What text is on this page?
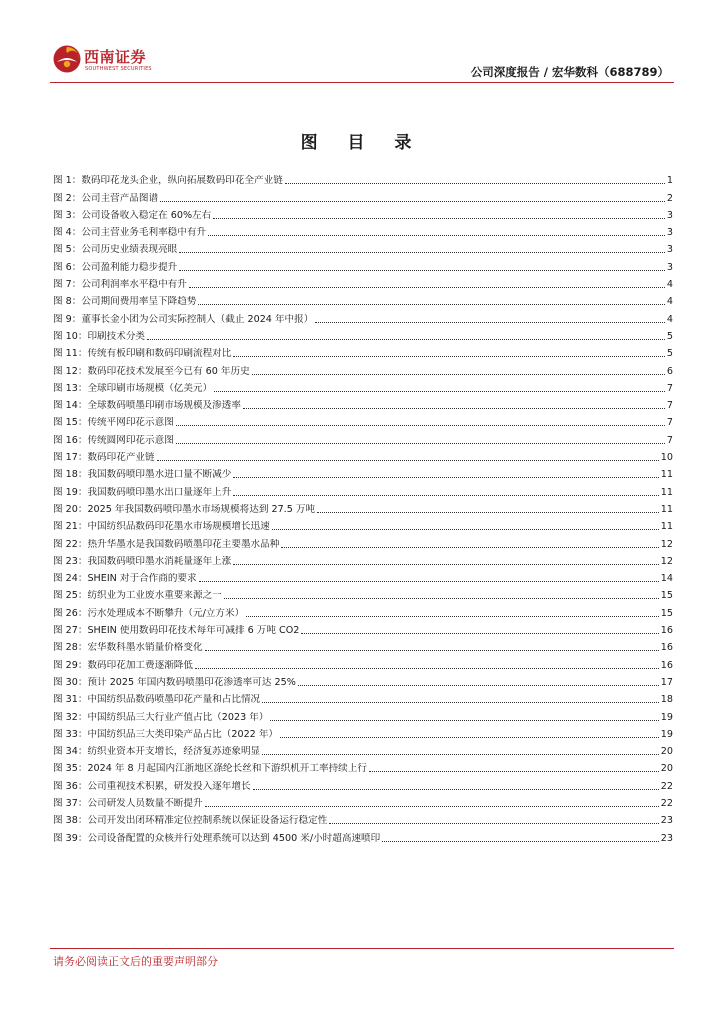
西南证券
SOUTHWEST SECURITIES	公司深度报告 / 宏华数科（688789）
图 目 录
图 1： 数码印花龙头企业，纵向拓展数码印花全产业链	1
图 2： 公司主营产品图谱	2
图 3： 公司设备收入稳定在 60%左右	3
图 4： 公司主营业务毛利率稳中有升	3
图 5： 公司历史业绩表现亮眼	3
图 6： 公司盈利能力稳步提升	3
图 7： 公司利润率水平稳中有升	4
图 8： 公司期间费用率呈下降趋势	4
图 9： 董事长金小团为公司实际控制人（截止 2024 年中报）	4
图 10： 印刷技术分类	5
图 11： 传统有板印刷和数码印刷流程对比	5
图 12： 数码印花技术发展至今已有 60 年历史	6
图 13： 全球印刷市场规模（亿美元）	7
图 14： 全球数码喷墨印刷市场规模及渗透率	7
图 15： 传统平网印花示意图	7
图 16： 传统圆网印花示意图	7
图 17： 数码印花产业链	10
图 18： 我国数码喷印墨水进口量不断减少	11
图 19： 我国数码喷印墨水出口量逐年上升	11
图 20： 2025 年我国数码喷印墨水市场规模将达到 27.5 万吨	11
图 21： 中国纺织品数码印花墨水市场规模增长迅速	11
图 22： 热升华墨水是我国数码喷墨印花主要墨水品种	12
图 23： 我国数码喷印墨水消耗量逐年上涨	12
图 24： SHEIN 对于合作商的要求	14
图 25： 纺织业为工业废水重要来源之一	15
图 26： 污水处理成本不断攀升（元/立方米）	15
图 27： SHEIN 使用数码印花技术每年可减排 6 万吨 CO2	16
图 28： 宏华数科墨水销量价格变化	16
图 29： 数码印花加工费逐渐降低	16
图 30： 预计 2025 年国内数码喷墨印花渗透率可达 25%	17
图 31： 中国纺织品数码喷墨印花产量和占比情况	18
图 32： 中国纺织品三大行业产值占比（2023 年）	19
图 33： 中国纺织品三大类印染产品占比（2022 年）	19
图 34： 纺织业资本开支增长，经济复苏迹象明显	20
图 35： 2024 年 8 月起国内江浙地区涤纶长丝和下游织机开工率持续上行	20
图 36： 公司重视技术积累，研发投入逐年增长	22
图 37： 公司研发人员数量不断提升	22
图 38： 公司开发出闭环精准定位控制系统以保证设备运行稳定性	23
图 39： 公司设备配置的众核并行处理系统可以达到 4500 米/小时超高速喷印	23
请务必阅读正文后的重要声明部分
